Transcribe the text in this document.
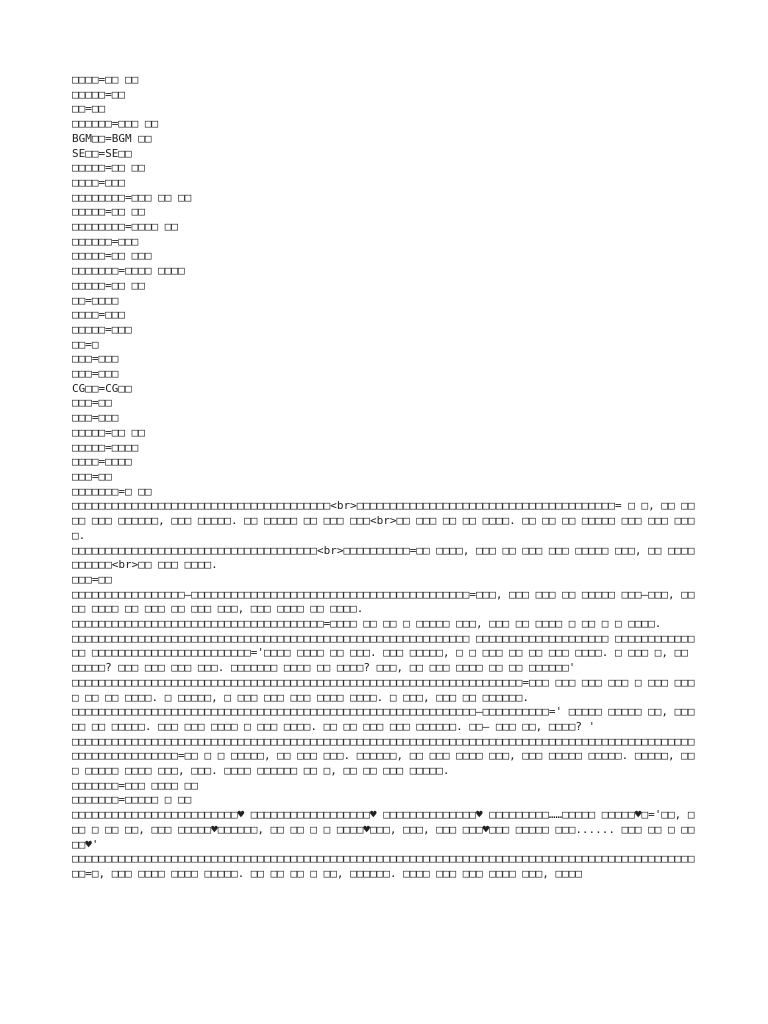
□□□□=□□ □□

□□□□□=□□

□□=□□

□□□□□□=□□□ □□

BGM□□=BGM □□

SE□□=SE□□

□□□□□=□□ □□

□□□□=□□□

□□□□□□□□=□□□ □□ □□

□□□□□=□□ □□

□□□□□□□□=□□□□ □□

□□□□□□=□□□

□□□□□=□□ □□□

□□□□□□□=□□□□ □□□□

□□□□□=□□ □□

□□=□□□□

□□□□=□□□

□□□□□=□□□

□□=□

□□□=□□□

□□□=□□□

CG□□=CG□□

□□□=□□

□□□=□□□

□□□□□=□□ □□

□□□□□=□□□□

□□□□=□□□□

□□□=□□

□□□□□□□=□ □□

□□□□□□□□□□□□□□□□□□□□□□□□□□□□□□□□□□□□□□□<br>□□□□□□□□□□□□□□□□□□□□□□□□□□□□□□□□□□□□□□□= □ □, □□ □□□□ □□□ □□□□□□, □□□ □□□□□. □□ □□□□□ □□ □□□ □□□<br>□□ □□□ □□ □□ □□□□. □□ □□ □□ □□□□□ □□□ □□□ □□□□.

□□□□□□□□□□□□□□□□□□□□□□□□□□□□□□□□□□□□□<br>□□□□□□□□□□=□□ □□□□, □□□ □□ □□□ □□□ □□□□□ □□□, □□ □□□□ □□□□□□<br>□□ □□□ □□□□.

□□□=□□

□□□□□□□□□□□□□□□□□—□□□□□□□□□□□□□□□□□□□□□□□□□□□□□□□□□□□□□□□□□□=□□□, □□□ □□□ □□ □□□□□ □□□—□□□, □□□□ □□□□ □□ □□□ □□ □□□ □□□, □□□ □□□□ □□ □□□□.

□□□□□□□□□□□□□□□□□□□□□□□□□□□□□□□□□□□□□□=□□□□ □□ □□ □ □□□□□ □□□, □□□ □□ □□□□ □ □□ □ □ □□□□.

□□□□□□□□□□□□□□□□□□□□□□□□□□□□□□□□□□□□□□□□□□□□□□□□□□□□□□□□□□□□ □□□□□□□□□□□□□□□□□□□□ □□□□□□□□□□□□□□ □□□□□□□□□□□□□□□□□□□□□□□□='□□□□ □□□□ □□ □□□. □□□ □□□□□, □ □ □□□ □□ □□ □□□ □□□□. □ □□□ □, □□ □□□□□? □□□ □□□ □□□ □□□. □□□□□□□ □□□□ □□ □□□□? □□□, □□ □□□ □□□□ □□ □□ □□□□□□'

□□□□□□□□□□□□□□□□□□□□□□□□□□□□□□□□□□□□□□□□□□□□□□□□□□□□□□□□□□□□□□□□□□□□=□□□ □□□ □□□ □□□ □ □□□ □□□ □ □□ □□ □□□□. □ □□□□□, □ □□□ □□□ □□□ □□□□ □□□□. □ □□□, □□□ □□ □□□□□□.

□□□□□□□□□□□□□□□□□□□□□□□□□□□□□□□□□□□□□□□□□□□□□□□□□□□□□□□□□□□□□—□□□□□□□□□□=' □□□□□ □□□□□ □□, □□□□□ □□ □□□□□. □□□ □□□ □□□□ □ □□□ □□□□. □□ □□ □□□ □□□ □□□□□□. □□— □□□ □□, □□□□? '

□□□□□□□□□□□□□□□□□□□□□□□□□□□□□□□□□□□□□□□□□□□□□□□□□□□□□□□□□□□□□□□□□□□□□□□□□□□□□□□□□□□□□□□□□□□□□□□□□□□□□□□□□□□□□□=□□ □ □ □□□□□, □□ □□□ □□□. □□□□□□, □□ □□□ □□□□ □□□, □□□ □□□□□ □□□□□. □□□□□, □□□ □□□□□ □□□□ □□□, □□□. □□□□ □□□□□□ □□ □, □□ □□ □□□ □□□□□.

□□□□□□□=□□□ □□□□ □□

□□□□□□□=□□□□□ □ □□

□□□□□□□□□□□□□□□□□□□□□□□□□♥ □□□□□□□□□□□□□□□□□□♥ □□□□□□□□□□□□□□♥ □□□□□□□□□……□□□□□ □□□□□♥□='□□, □□□ □ □□ □□, □□□ □□□□□♥□□□□□□, □□ □□ □ □ □□□□♥□□□, □□□, □□□ □□□♥□□□ □□□□□ □□□...... □□□ □□ □ □□□□♥'

□□□□□□□□□□□□□□□□□□□□□□□□□□□□□□□□□□□□□□□□□□□□□□□□□□□□□□□□□□□□□□□□□□□□□□□□□□□□□□□□□□□□□□□□□□□□□□□□=□, □□□ □□□□ □□□□ □□□□□. □□ □□ □□ □ □□, □□□□□□. □□□□ □□□ □□□ □□□□ □□□, □□□□
